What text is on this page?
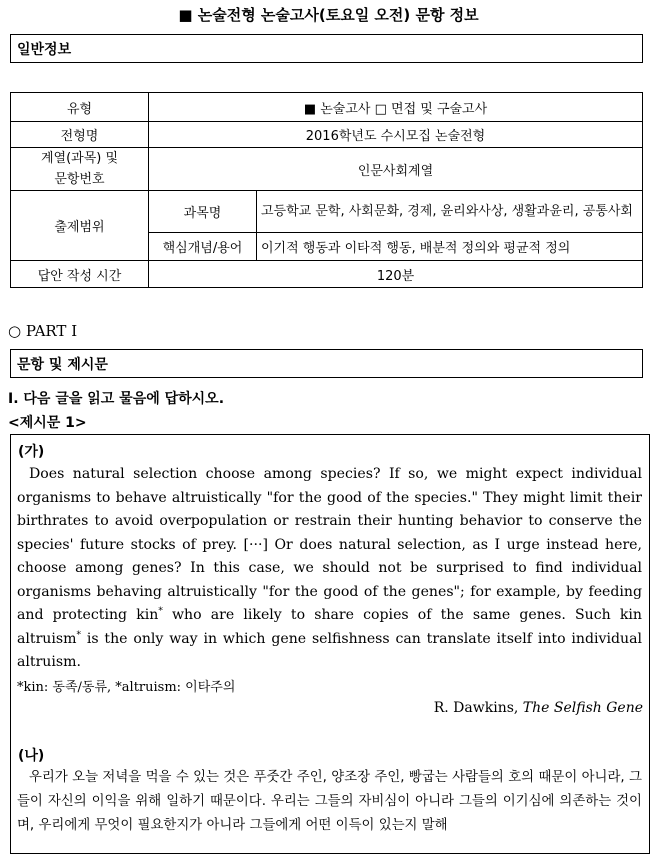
■ 논술전형 논술고사(토요일 오전) 문항 정보
일반정보
유형	■ 논술고사 □ 면접 및 구술고사	
전형명	2016학년도 수시모집 논술전형	

계열(과목) 및
문항번호	인문사회계열	
출제범위	과목명	고등학교 문학, 사회문화, 경제, 윤리와사상, 생활과윤리, 공통사회
	핵심개념/용어	이기적 행동과 이타적 행동, 배분적 정의와 평균적 정의
답안 작성 시간	120분	
○ PART I
문항 및 제시문
I. 다음 글을 읽고 물음에 답하시오.
<제시문 1>
(가)
Does natural selection choose among species? If so, we might expect individual organisms to behave altruistically "for the good of the species." They might limit their birthrates to avoid overpopulation or restrain their hunting behavior to conserve the species' future stocks of prey. [···] Or does natural selection, as I urge instead here, choose among genes? In this case, we should not be surprised to find individual organisms behaving altruistically "for the good of the genes"; for example, by feeding and protecting kin* who are likely to share copies of the same genes. Such kin altruism* is the only way in which gene selfishness can translate itself into individual altruism.
*kin: 동족/동류, *altruism: 이타주의
R. Dawkins, The Selfish Gene
(나)
우리가 오늘 저녁을 먹을 수 있는 것은 푸줏간 주인, 양조장 주인, 빵굽는 사람들의 호의 때문이 아니라, 그들이 자신의 이익을 위해 일하기 때문이다. 우리는 그들의 자비심이 아니라 그들의 이기심에 의존하는 것이며, 우리에게 무엇이 필요한지가 아니라 그들에게 어떤 이득이 있는지 말해
